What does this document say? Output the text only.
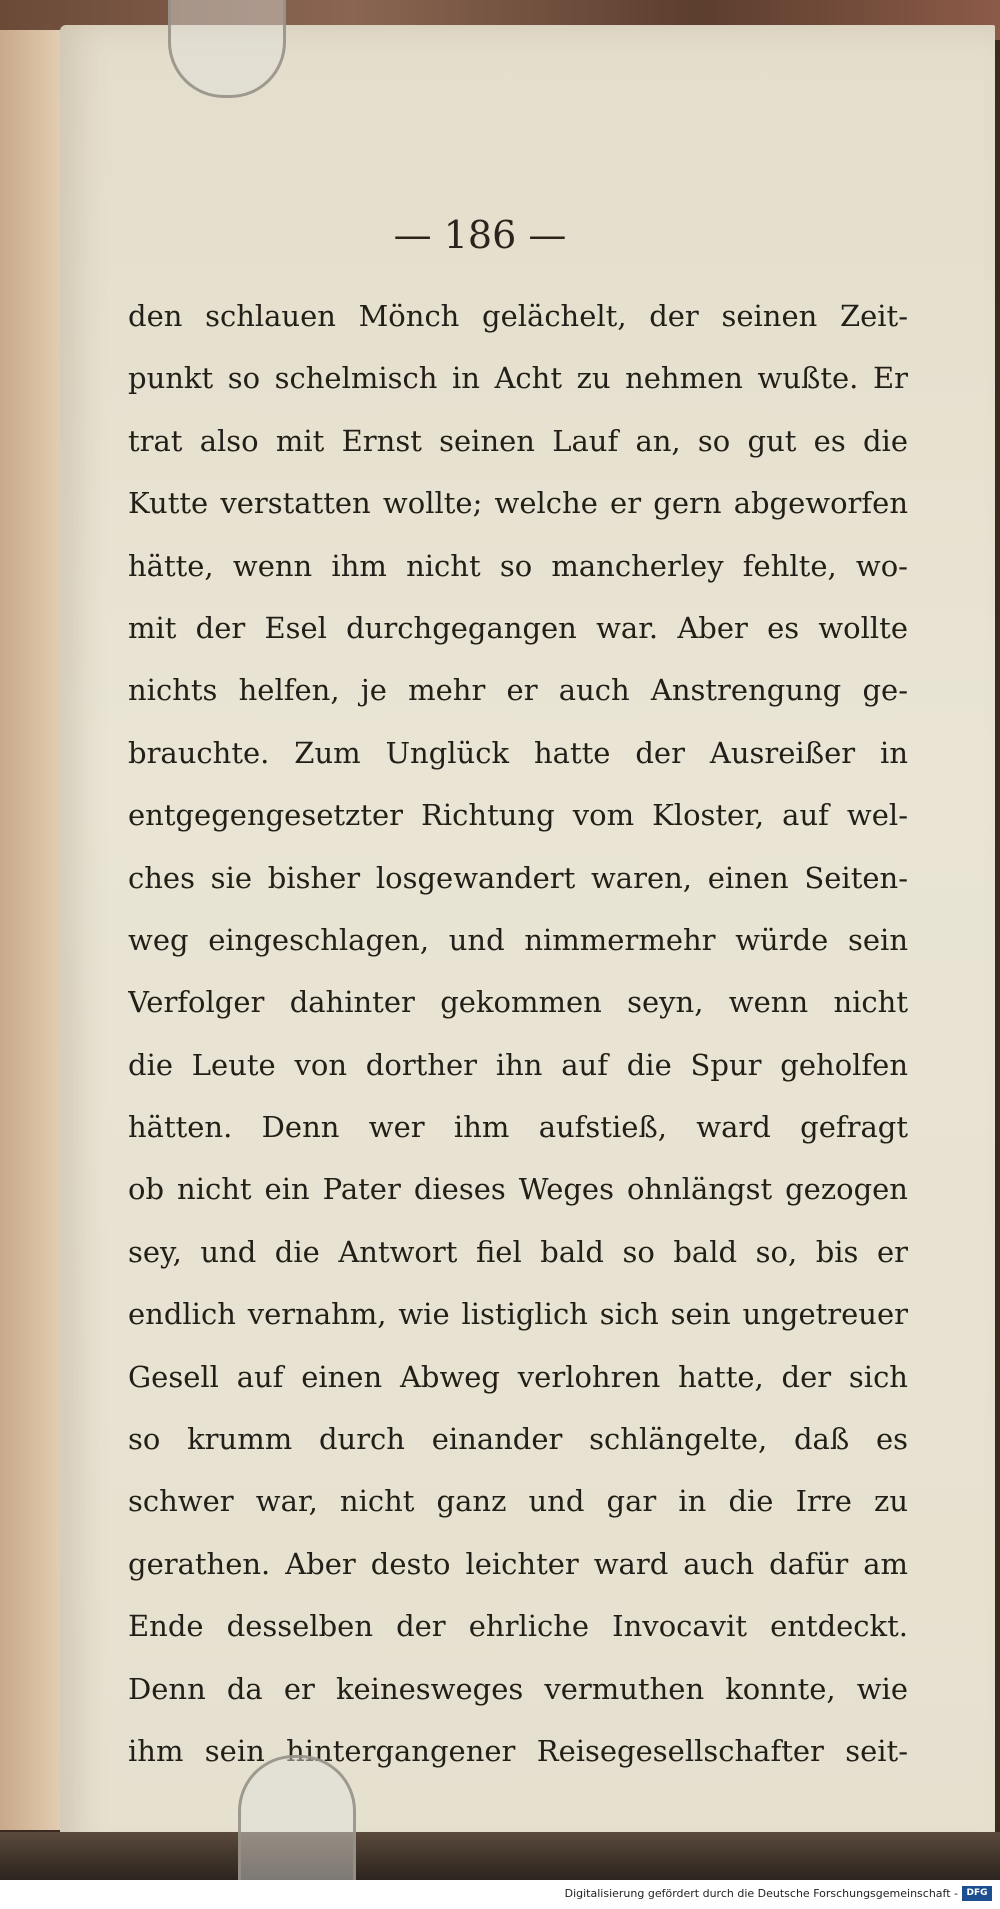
— 186 —
den schlauen Mönch gelächelt, der seinen Zeit-
punkt so schelmisch in Acht zu nehmen wußte. Er
trat also mit Ernst seinen Lauf an, so gut es die
Kutte verstatten wollte; welche er gern abgeworfen
hätte, wenn ihm nicht so mancherley fehlte, wo-
mit der Esel durchgegangen war. Aber es wollte
nichts helfen, je mehr er auch Anstrengung ge-
brauchte. Zum Unglück hatte der Ausreißer in
entgegengesetzter Richtung vom Kloster, auf wel-
ches sie bisher losgewandert waren, einen Seiten-
weg eingeschlagen, und nimmermehr würde sein
Verfolger dahinter gekommen seyn, wenn nicht
die Leute von dorther ihn auf die Spur geholfen
hätten. Denn wer ihm aufstieß, ward gefragt
ob nicht ein Pater dieses Weges ohnlängst gezogen
sey, und die Antwort fiel bald so bald so, bis er
endlich vernahm, wie listiglich sich sein ungetreuer
Gesell auf einen Abweg verlohren hatte, der sich
so krumm durch einander schlängelte, daß es
schwer war, nicht ganz und gar in die Irre zu
gerathen. Aber desto leichter ward auch dafür am
Ende desselben der ehrliche Invocavit entdeckt.
Denn da er keinesweges vermuthen konnte, wie
ihm sein hintergangener Reisegesellschafter seit-
Digitalisierung gefördert durch die Deutsche Forschungsgemeinschaft - DFG
